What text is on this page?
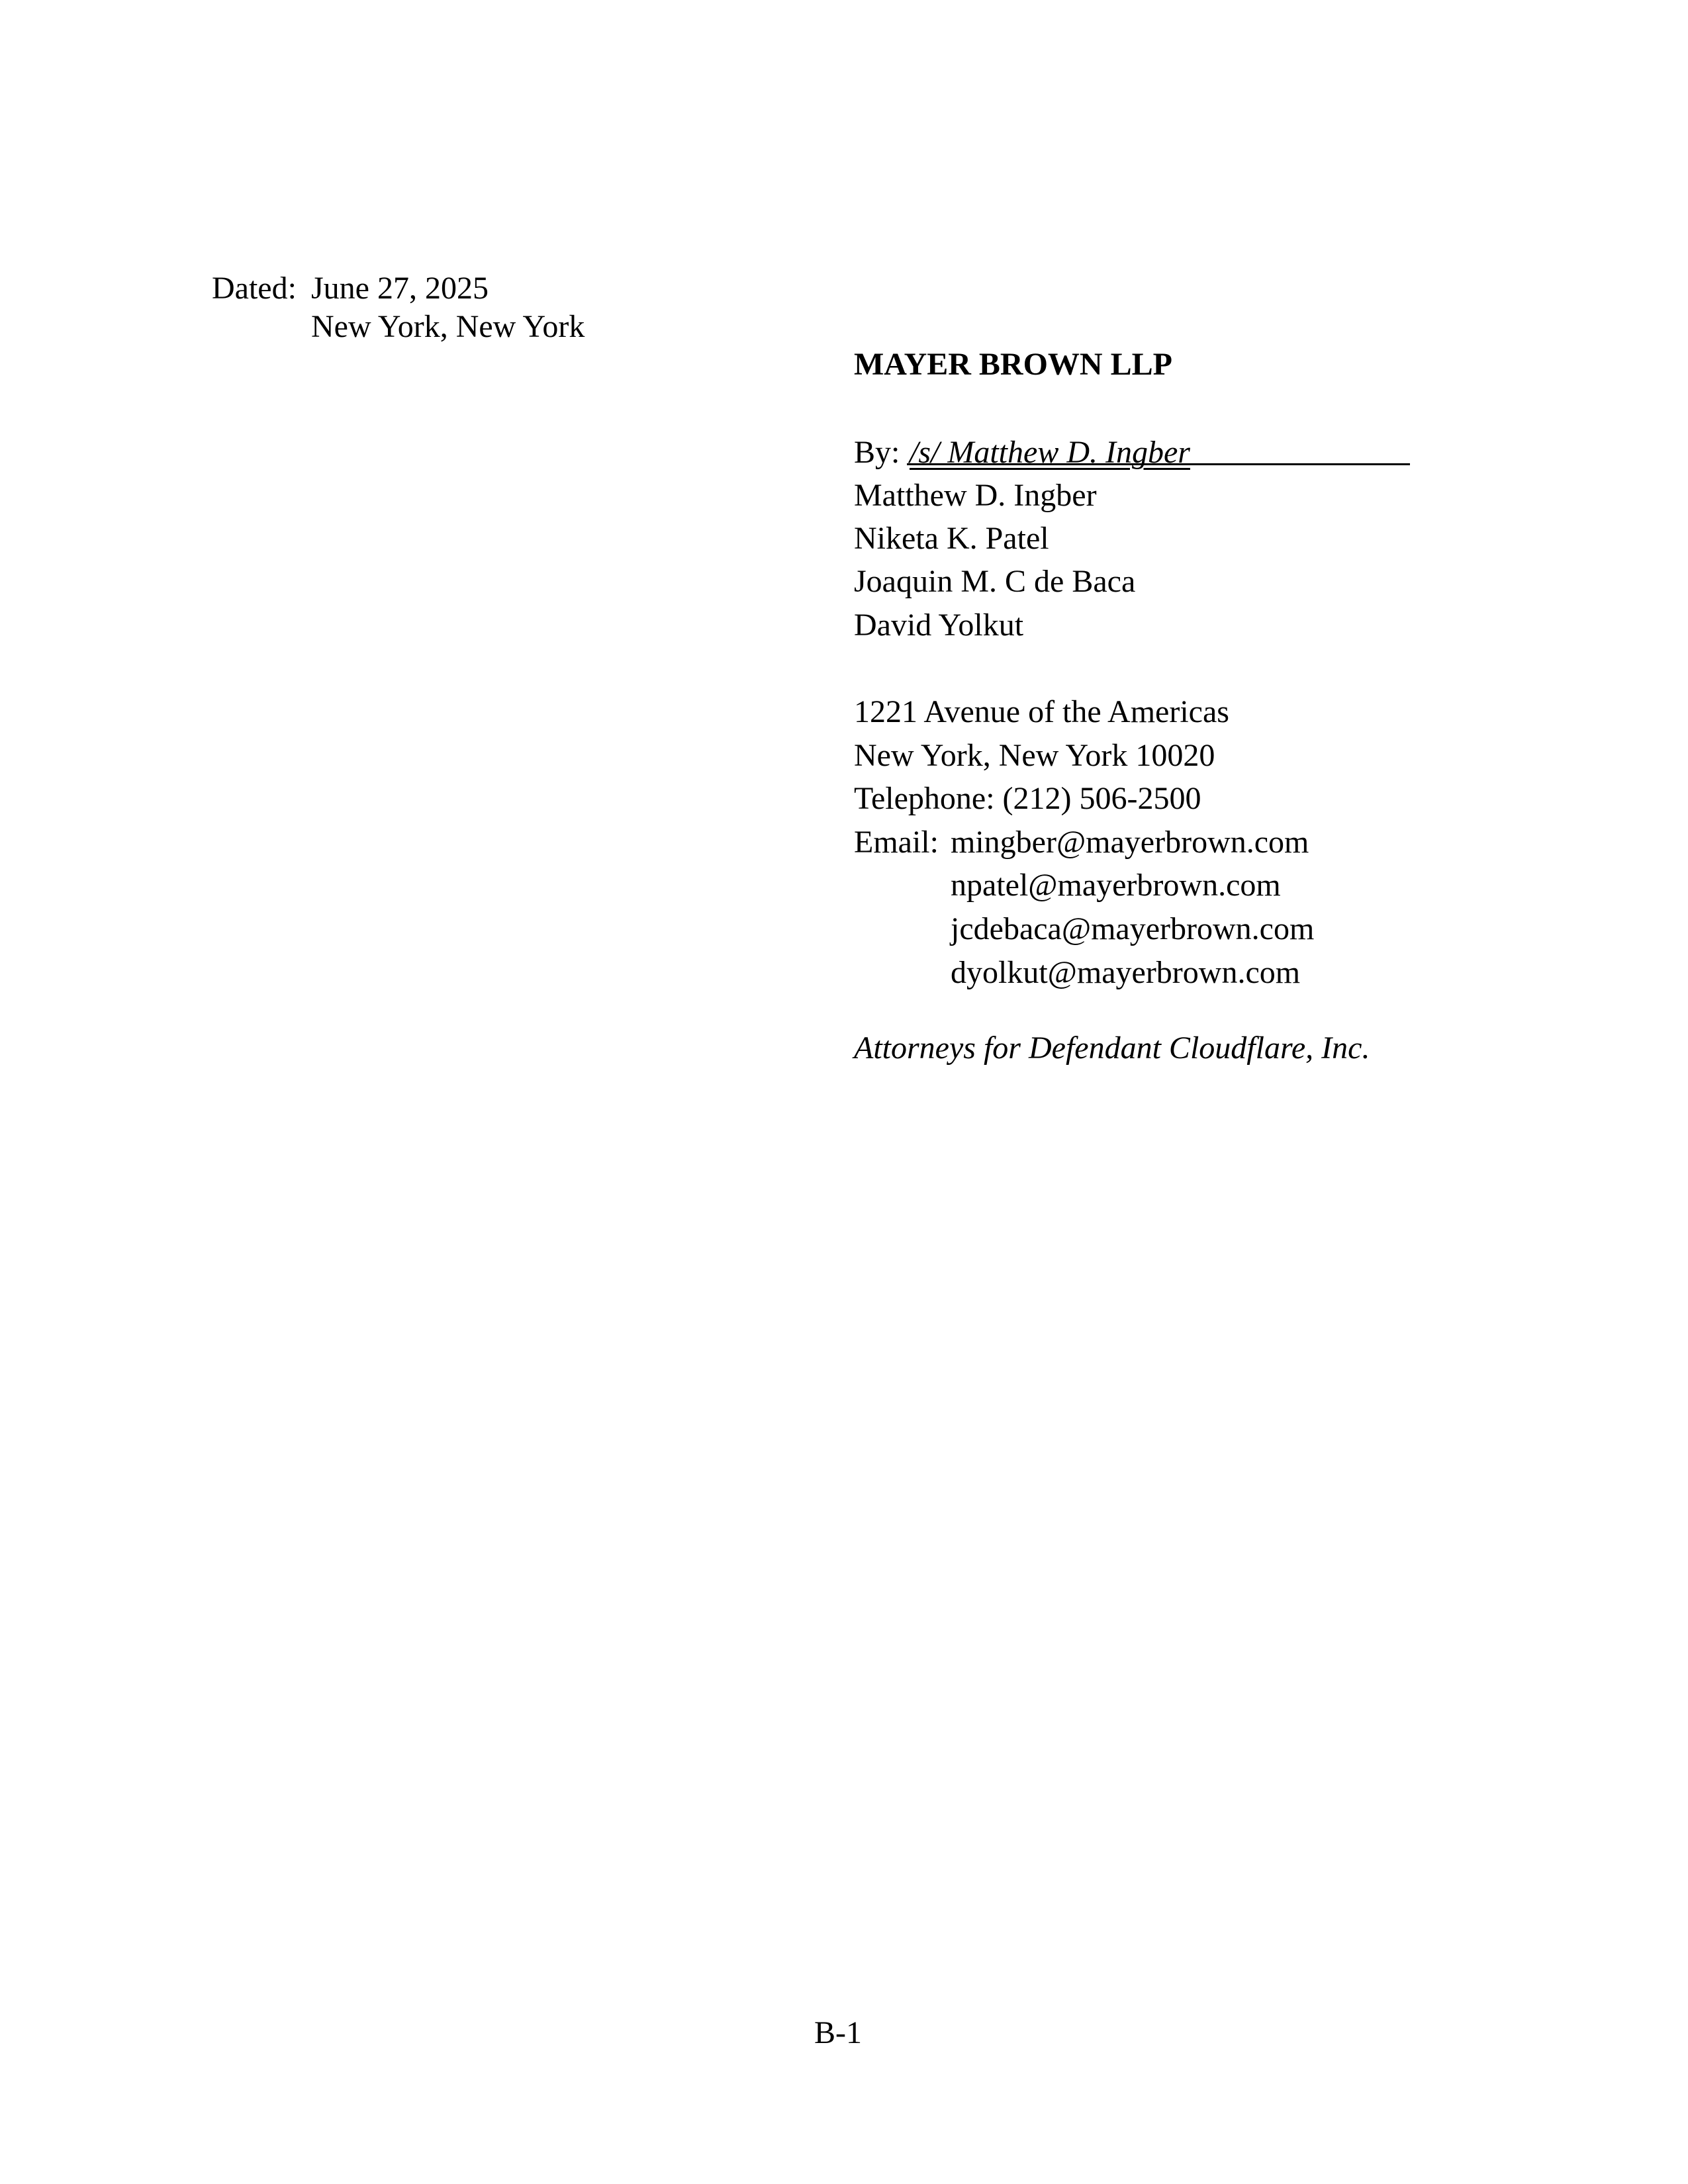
Dated: June 27, 2025
New York, New York
MAYER BROWN LLP
By: /s/ Matthew D. Ingber
Matthew D. Ingber
Niketa K. Patel
Joaquin M. C de Baca
David Yolkut
1221 Avenue of the Americas
New York, New York 10020
Telephone: (212) 506-2500
Email: mingber@mayerbrown.com
npatel@mayerbrown.com
jcdebaca@mayerbrown.com
dyolkut@mayerbrown.com
Attorneys for Defendant Cloudflare, Inc.
B-1
